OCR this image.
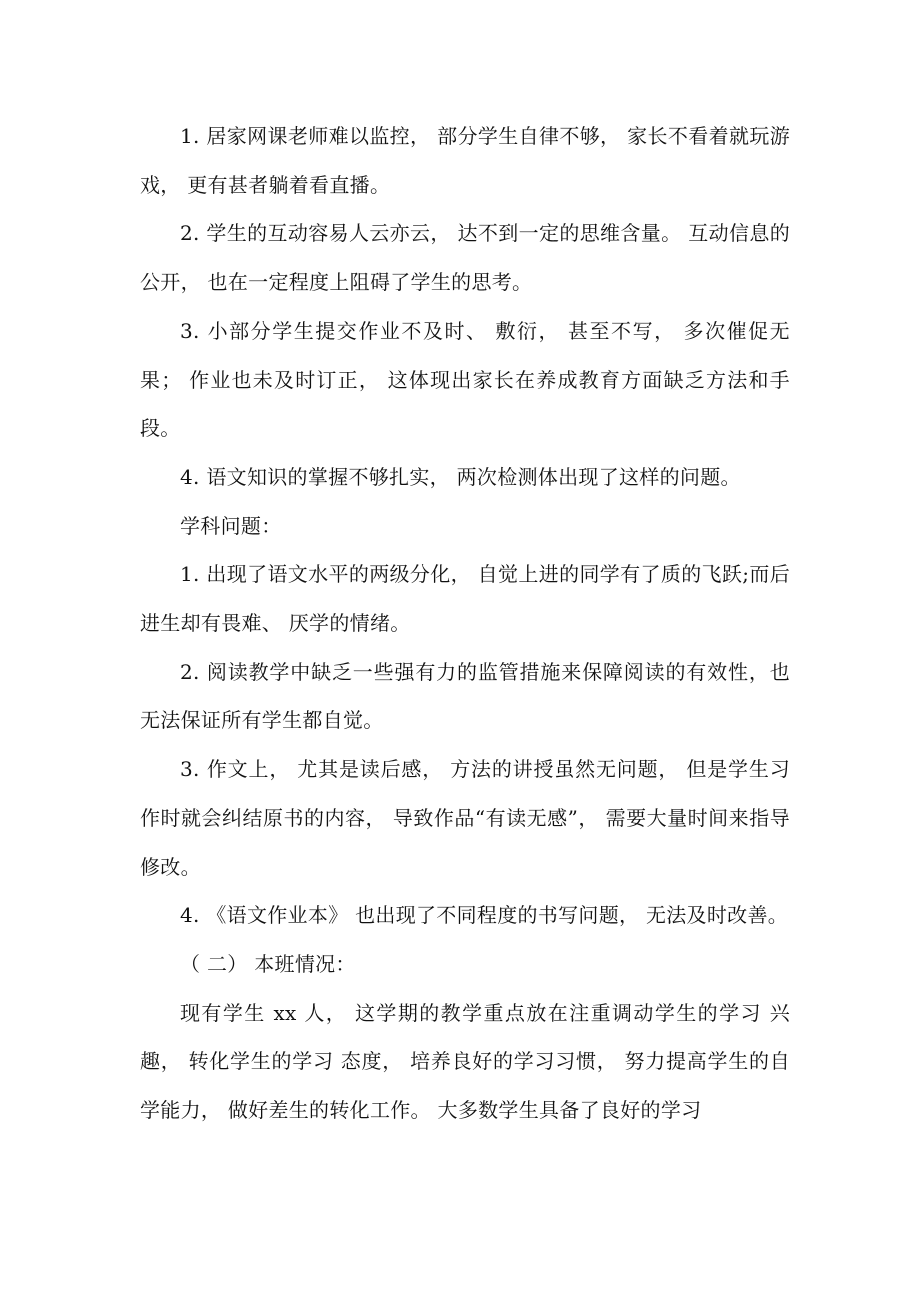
1. 居家网课老师难以监控， 部分学生自律不够， 家长不看着就玩游戏， 更有甚者躺着看直播。

2. 学生的互动容易人云亦云， 达不到一定的思维含量。 互动信息的公开， 也在一定程度上阻碍了学生的思考。

3. 小部分学生提交作业不及时、 敷衍， 甚至不写， 多次催促无果； 作业也未及时订正， 这体现出家长在养成教育方面缺乏方法和手段。

4. 语文知识的掌握不够扎实， 两次检测体出现了这样的问题。

学科问题：

1. 出现了语文水平的两级分化， 自觉上进的同学有了质的飞跃;而后进生却有畏难、 厌学的情绪。

2. 阅读教学中缺乏一些强有力的监管措施来保障阅读的有效性，也无法保证所有学生都自觉。

3. 作文上， 尤其是读后感， 方法的讲授虽然无问题， 但是学生习作时就会纠结原书的内容， 导致作品“有读无感”， 需要大量时间来指导修改。

4. 《语文作业本》 也出现了不同程度的书写问题， 无法及时改善。

（ 二） 本班情况：

现有学生 xx 人， 这学期的教学重点放在注重调动学生的学习 兴趣， 转化学生的学习 态度， 培养良好的学习习惯， 努力提高学生的自 学能力， 做好差生的转化工作。 大多数学生具备了良好的学习
